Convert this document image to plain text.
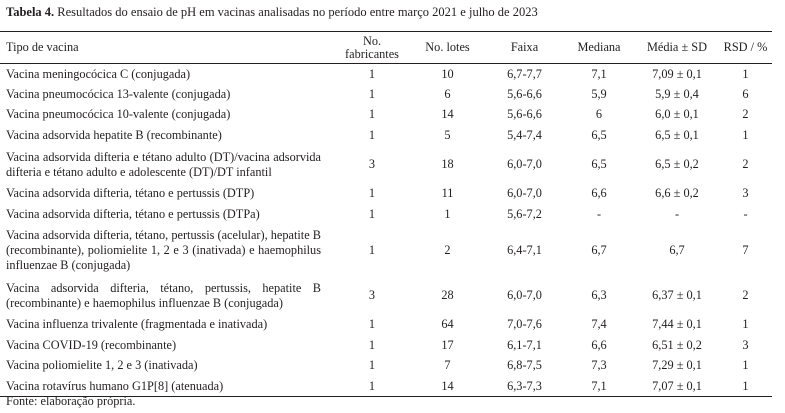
Tabela 4. Resultados do ensaio de pH em vacinas analisadas no período entre março 2021 e julho de 2023
Tipo de vacina	No. fabricantes	No. lotes	Faixa	Mediana	Média ± SD	RSD / %

Vacina meningocócica C (conjugada)	1	10	6,7-7,7	7,1	7,09 ± 0,1	1

Vacina pneumocócica 13-valente (conjugada)	1	6	5,6-6,6	5,9	5,9 ± 0,4	6

Vacina pneumocócica 10-valente (conjugada)	1	14	5,6-6,6	6	6,0 ± 0,1	2

Vacina adsorvida hepatite B (recombinante)	1	5	5,4-7,4	6,5	6,5 ± 0,1	1

Vacina adsorvida difteria e tétano adulto (DT)/vacina adsorvida difteria e tétano adulto e adolescente (DT)/DT infantil	3	18	6,0-7,0	6,5	6,5 ± 0,2	2

Vacina adsorvida difteria, tétano e pertussis (DTP)	1	11	6,0-7,0	6,6	6,6 ± 0,2	3

Vacina adsorvida difteria, tétano e pertussis (DTPa)	1	1	5,6-7,2	-	-	-

Vacina adsorvida difteria, tétano, pertussis (acelular), hepatite B (recombinante), poliomielite 1, 2 e 3 (inativada) e haemophilus influenzae B (conjugada)	1	2	6,4-7,1	6,7	6,7	7

Vacina adsorvida difteria, tétano, pertussis, hepatite B (recombinante) e haemophilus influenzae B (conjugada)	3	28	6,0-7,0	6,3	6,37 ± 0,1	2

Vacina influenza trivalente (fragmentada e inativada)	1	64	7,0-7,6	7,4	7,44 ± 0,1	1

Vacina COVID-19 (recombinante)	1	17	6,1-7,1	6,6	6,51 ± 0,2	3

Vacina poliomielite 1, 2 e 3 (inativada)	1	7	6,8-7,5	7,3	7,29 ± 0,1	1

Vacina rotavírus humano G1P[8] (atenuada)	1	14	6,3-7,3	7,1	7,07 ± 0,1	1
Fonte: elaboração própria.
